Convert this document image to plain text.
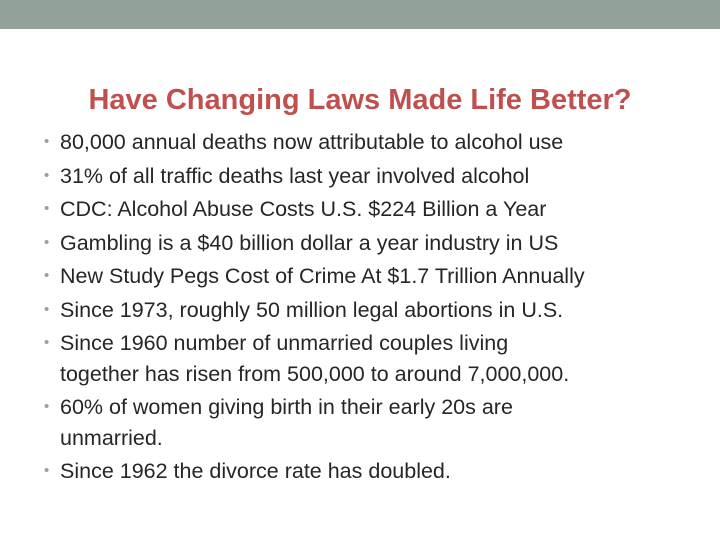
Have Changing Laws Made Life Better?
• 80,000 annual deaths now attributable to alcohol use
• 31% of all traffic deaths last year involved alcohol
• CDC: Alcohol Abuse Costs U.S. $224 Billion a Year
• Gambling is a $40 billion dollar a year industry in US
• New Study Pegs Cost of Crime At $1.7 Trillion Annually
• Since 1973, roughly 50 million legal abortions in U.S.
• Since 1960 number of unmarried couples living
together has risen from 500,000 to around 7,000,000.
• 60% of women giving birth in their early 20s are
unmarried.
• Since 1962 the divorce rate has doubled.
